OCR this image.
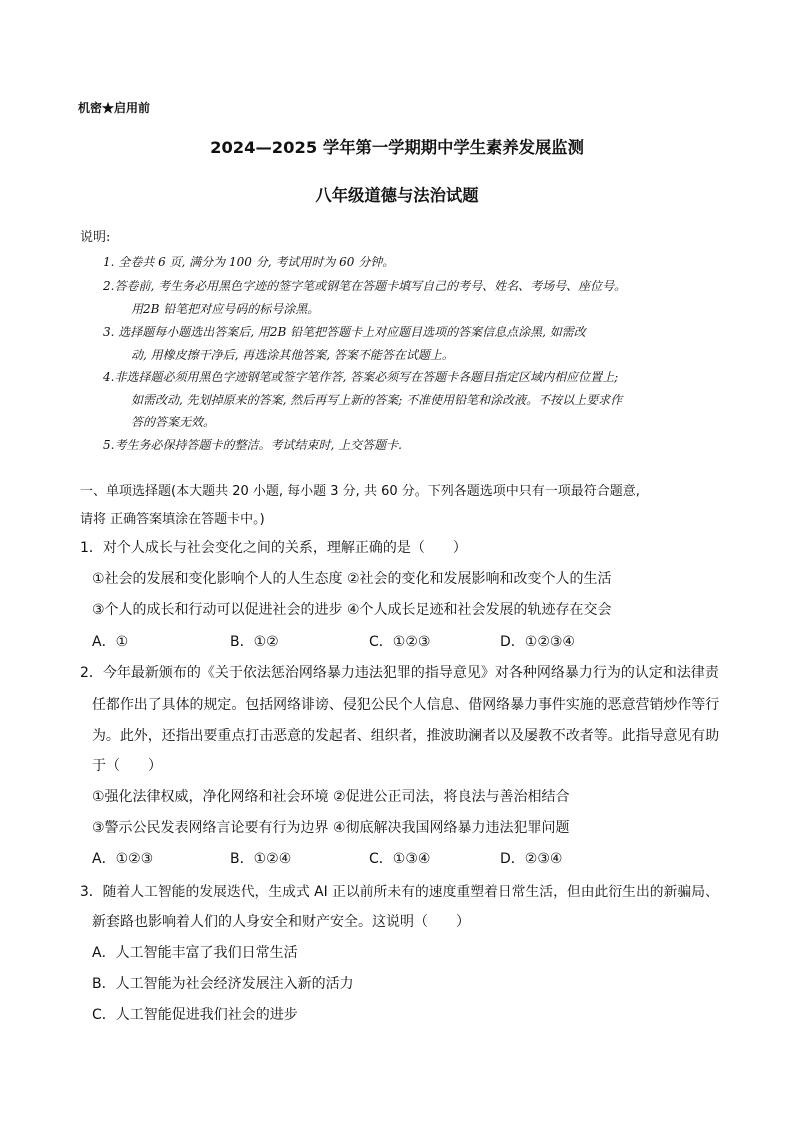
机密★启用前
2024—2025 学年第一学期期中学生素养发展监测
八年级道德与法治试题
说明:
1. 全卷共 6 页, 满分为 100 分, 考试用时为 60 分钟。
2.答卷前, 考生务必用黑色字迹的签字笔或钢笔在答题卡填写自己的考号、姓名、考场号、座位号。
用2B 铅笔把对应号码的标号涂黑。
3. 选择题每小题选出答案后, 用2B 铅笔把答题卡上对应题目选项的答案信息点涂黑, 如需改
动, 用橡皮擦干净后, 再选涂其他答案, 答案不能答在试题上。
4.非选择题必须用黑色字迹钢笔或签字笔作答, 答案必须写在答题卡各题目指定区域内相应位置上;
如需改动, 先划掉原来的答案, 然后再写上新的答案; 不准使用铅笔和涂改液。不按以上要求作
答的答案无效。
5.考生务必保持答题卡的整洁。考试结束时, 上交答题卡.
一、单项选择题(本大题共 20 小题, 每小题 3 分, 共 60 分。下列各题选项中只有一项最符合题意,
请将 正确答案填涂在答题卡中。)
1．对个人成长与社会变化之间的关系，理解正确的是（　　）
①社会的发展和变化影响个人的人生态度 ②社会的变化和发展影响和改变个人的生活
③个人的成长和行动可以促进社会的进步 ④个人成长足迹和社会发展的轨迹存在交会
A．①	B．①②	C．①②③	D．①②③④
2．今年最新颁布的《关于依法惩治网络暴力违法犯罪的指导意见》对各种网络暴力行为的认定和法律责
任都作出了具体的规定。包括网络诽谤、侵犯公民个人信息、借网络暴力事件实施的恶意营销炒作等行
为。此外，还指出要重点打击恶意的发起者、组织者，推波助澜者以及屡教不改者等。此指导意见有助
于（　　）
①强化法律权威，净化网络和社会环境 ②促进公正司法，将良法与善治相结合
③警示公民发表网络言论要有行为边界 ④彻底解决我国网络暴力违法犯罪问题
A．①②③	B．①②④	C．①③④	D．②③④
3．随着人工智能的发展迭代，生成式 AI 正以前所未有的速度重塑着日常生活，但由此衍生出的新骗局、
新套路也影响着人们的人身安全和财产安全。这说明（　　）
A．人工智能丰富了我们日常生活
B．人工智能为社会经济发展注入新的活力
C．人工智能促进我们社会的进步
